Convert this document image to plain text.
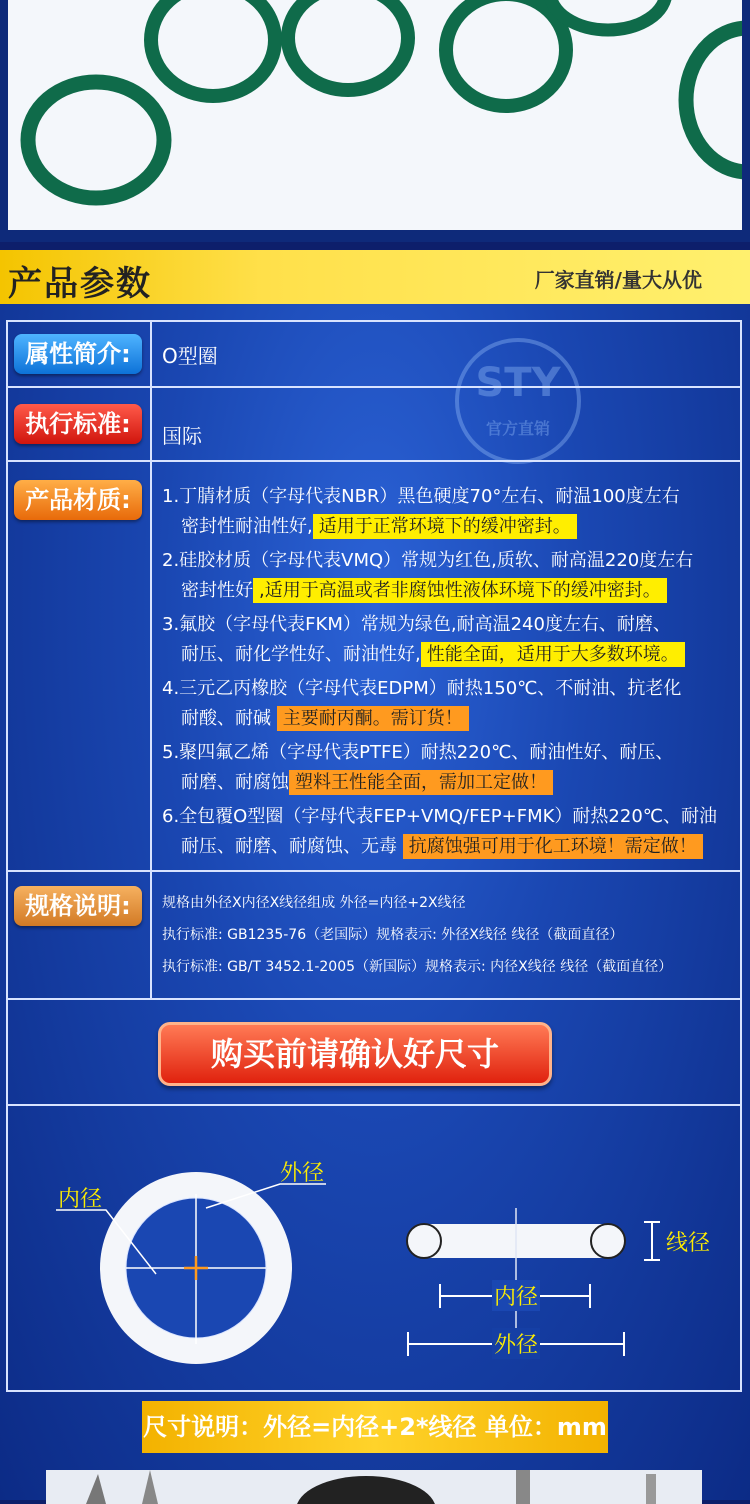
产品参数	厂家直销/量大从优
STY
官方直销
属性简介:	O型圈
执行标准:	国际
产品材质:	1.丁腈材质（字母代表NBR）黑色硬度70°左右、耐温100度左右
密封性耐油性好, 适用于正常环境下的缓冲密封。
2.硅胶材质（字母代表VMQ）常规为红色,质软、耐高温220度左右
密封性好 ,适用于高温或者非腐蚀性液体环境下的缓冲密封。
3.氟胶（字母代表FKM）常规为绿色,耐高温240度左右、耐磨、
耐压、耐化学性好、耐油性好, 性能全面，适用于大多数环境。
4.三元乙丙橡胶（字母代表EDPM）耐热150℃、不耐油、抗老化
耐酸、耐碱 主要耐丙酮。需订货！
5.聚四氟乙烯（字母代表PTFE）耐热220℃、耐油性好、耐压、
耐磨、耐腐蚀 塑料王性能全面，需加工定做！
6.全包覆O型圈（字母代表FEP+VMQ/FEP+FMK）耐热220℃、耐油
耐压、耐磨、耐腐蚀、无毒 抗腐蚀强可用于化工环境！需定做！
规格说明:	规格由外径X内径X线径组成 外径=内径+2X线径
执行标准: GB1235-76（老国际）规格表示: 外径X线径 线径（截面直径）
执行标准: GB/T 3452.1-2005（新国际）规格表示: 内径X线径 线径（截面直径）
内径
外径
线径
内径
外径
购买前请确认好尺寸
尺寸说明：外径=内径+2*线径 单位：mm
